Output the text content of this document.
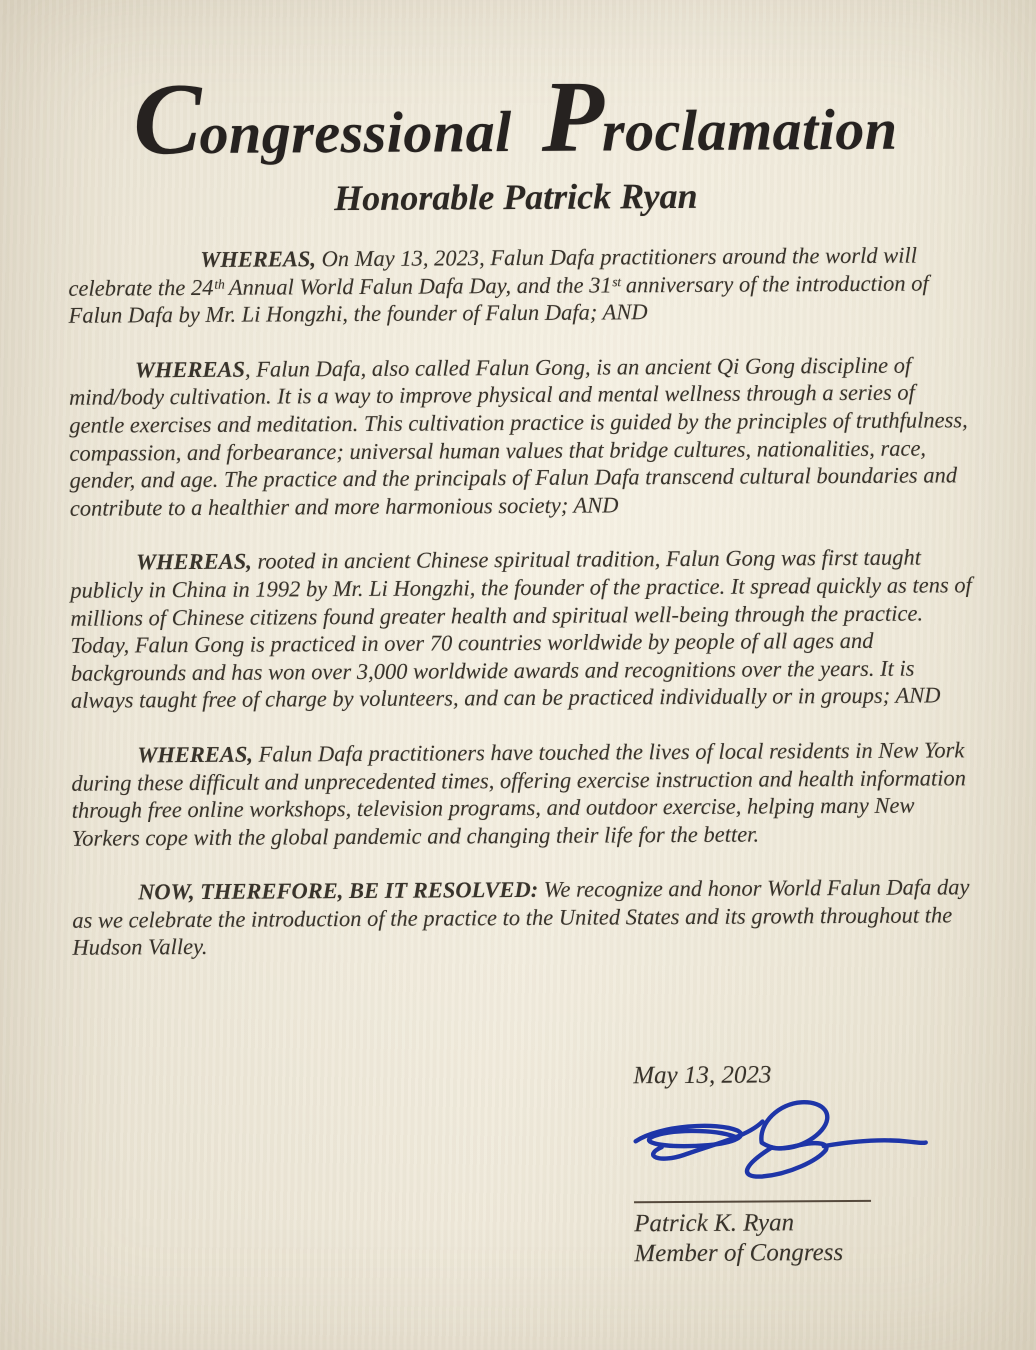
Congressional Proclamation
Honorable Patrick Ryan

WHEREAS, On May 13, 2023, Falun Dafa practitioners around the world will celebrate the 24ᵗʰ Annual World Falun Dafa Day, and the 31ˢᵗ anniversary of the introduction of Falun Dafa by Mr. Li Hongzhi, the founder of Falun Dafa; AND

WHEREAS, Falun Dafa, also called Falun Gong, is an ancient Qi Gong discipline of mind/body cultivation. It is a way to improve physical and mental wellness through a series of gentle exercises and meditation. This cultivation practice is guided by the principles of truthfulness, compassion, and forbearance; universal human values that bridge cultures, nationalities, race, gender, and age. The practice and the principals of Falun Dafa transcend cultural boundaries and contribute to a healthier and more harmonious society; AND

WHEREAS, rooted in ancient Chinese spiritual tradition, Falun Gong was first taught publicly in China in 1992 by Mr. Li Hongzhi, the founder of the practice. It spread quickly as tens of millions of Chinese citizens found greater health and spiritual well-being through the practice. Today, Falun Gong is practiced in over 70 countries worldwide by people of all ages and backgrounds and has won over 3,000 worldwide awards and recognitions over the years. It is always taught free of charge by volunteers, and can be practiced individually or in groups; AND

WHEREAS, Falun Dafa practitioners have touched the lives of local residents in New York during these difficult and unprecedented times, offering exercise instruction and health information through free online workshops, television programs, and outdoor exercise, helping many New Yorkers cope with the global pandemic and changing their life for the better.

NOW, THEREFORE, BE IT RESOLVED: We recognize and honor World Falun Dafa day as we celebrate the introduction of the practice to the United States and its growth throughout the Hudson Valley.

May 13, 2023
Patrick K. Ryan
Member of Congress
